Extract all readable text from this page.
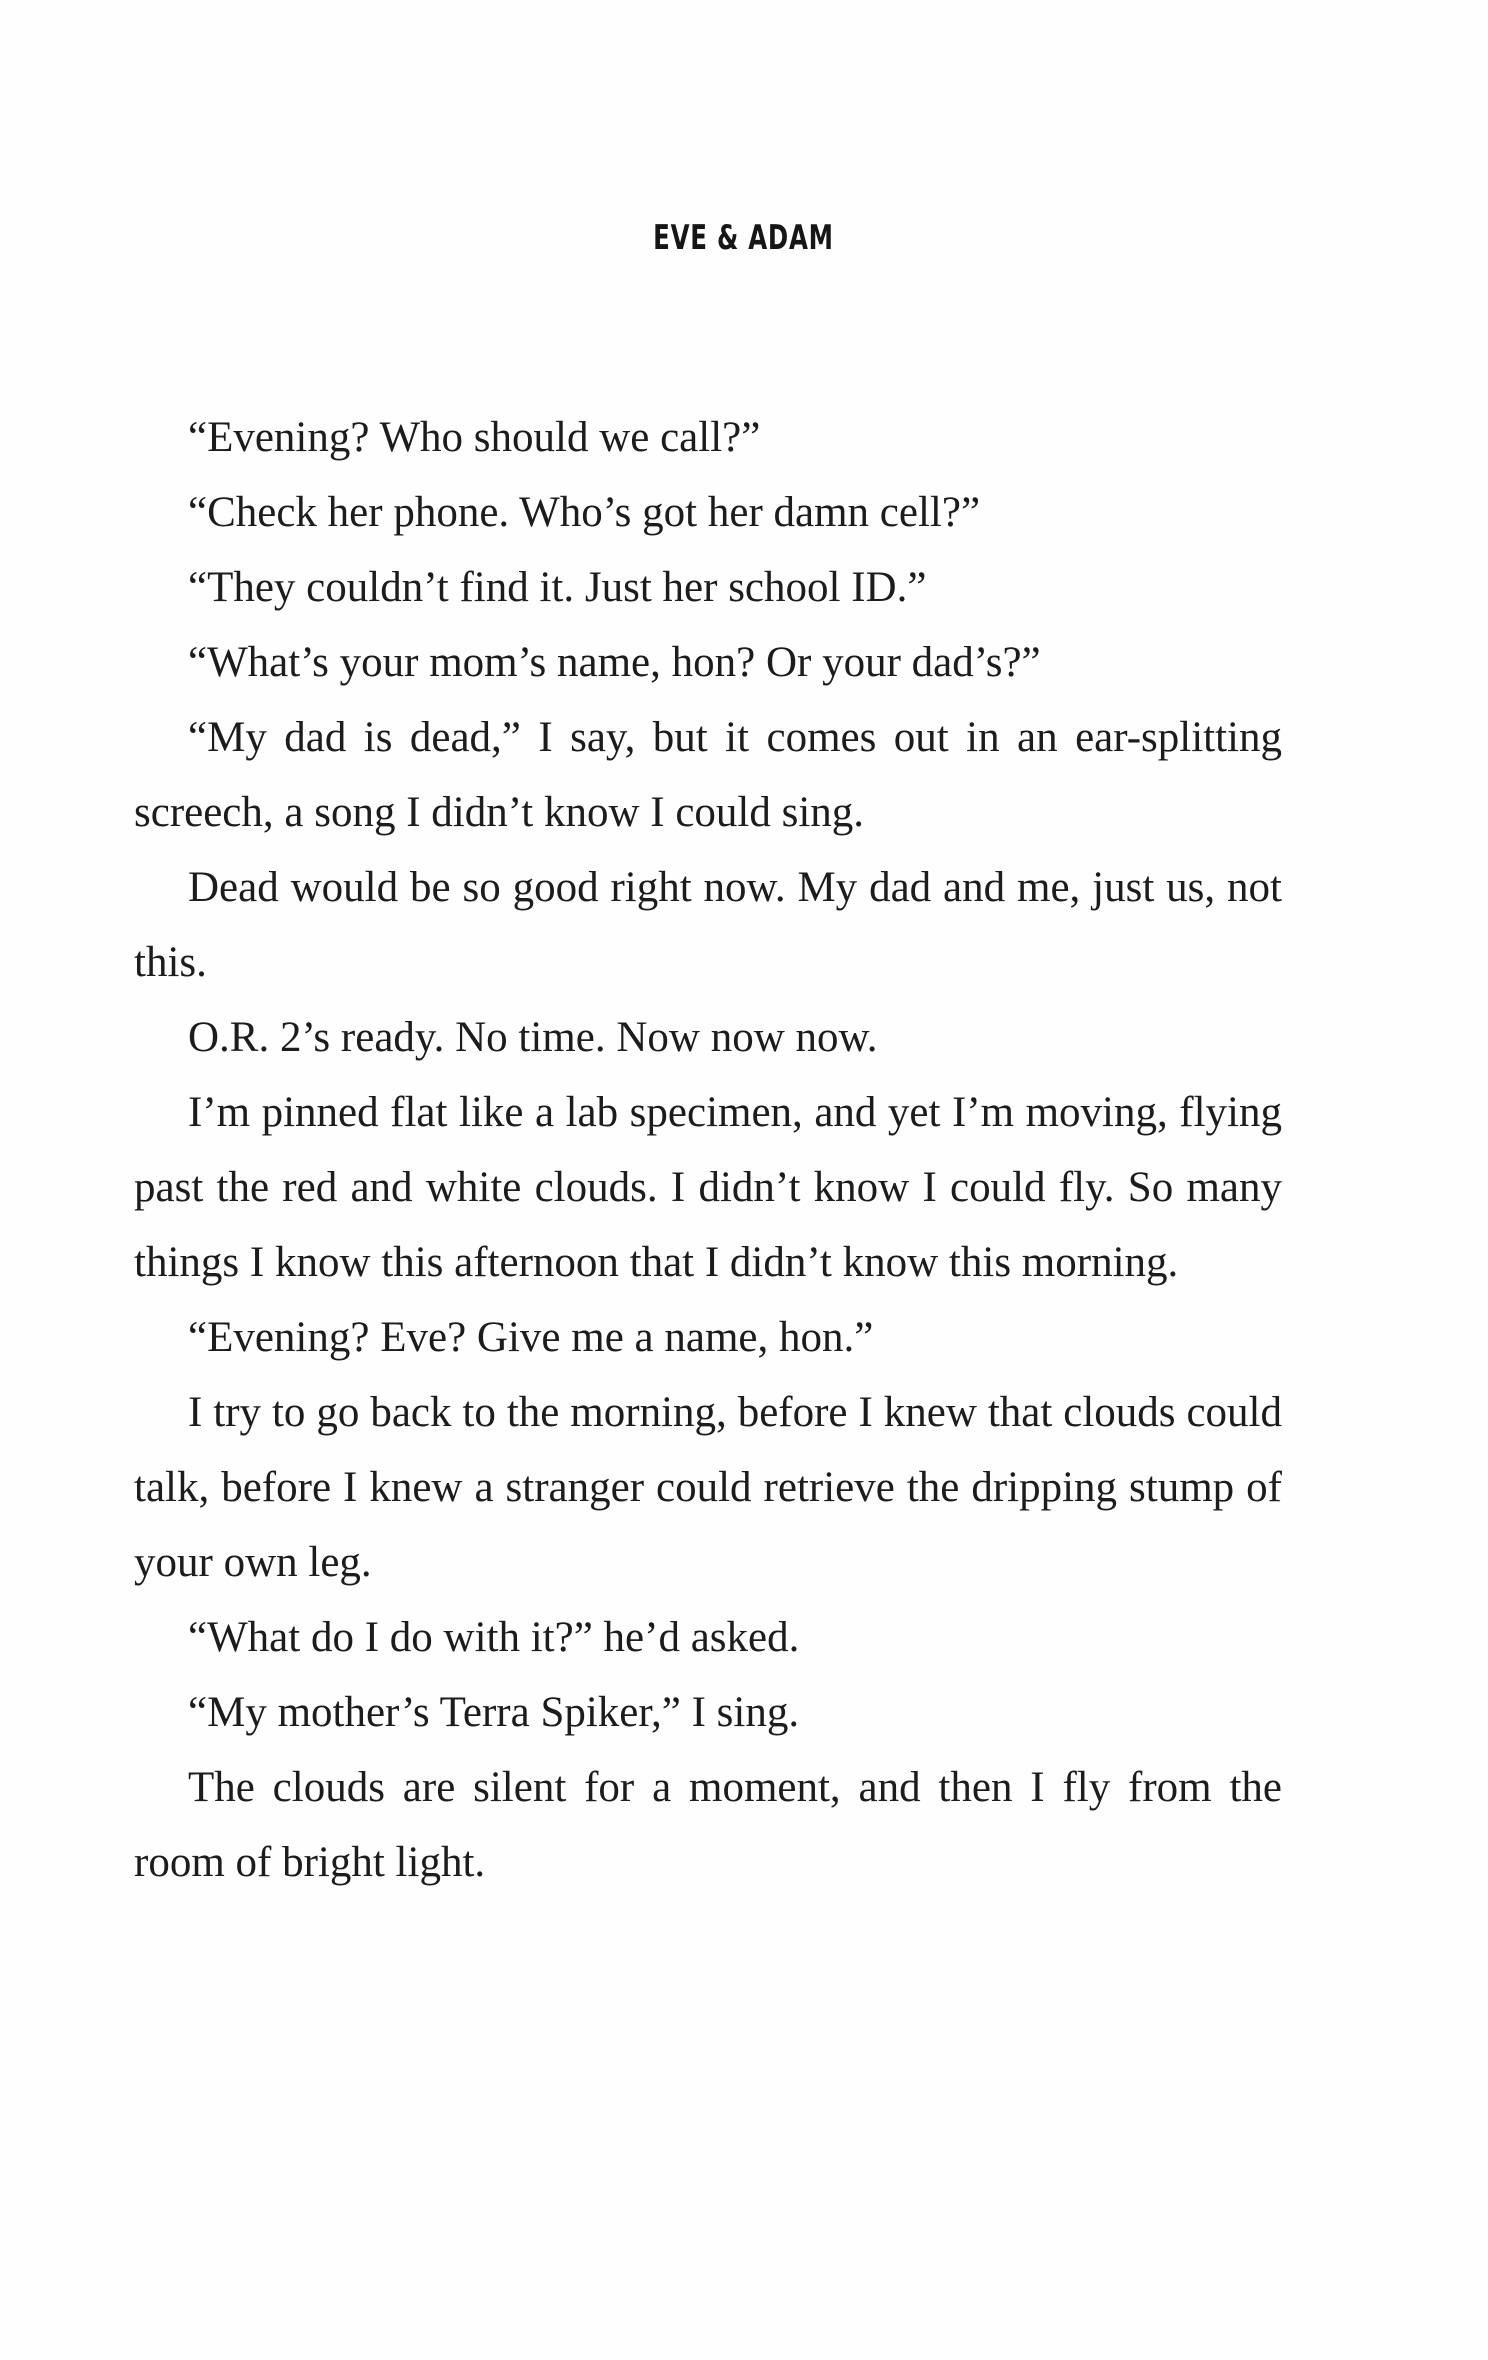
EVE & ADAM

“Evening? Who should we call?”

“Check her phone. Who’s got her damn cell?”

“They couldn’t find it. Just her school ID.”

“What’s your mom’s name, hon? Or your dad’s?”

“My dad is dead,” I say, but it comes out in an ear-splitting screech, a song I didn’t know I could sing.

Dead would be so good right now. My dad and me, just us, not this.

O.R. 2’s ready. No time. Now now now.

I’m pinned flat like a lab specimen, and yet I’m moving, flying past the red and white clouds. I didn’t know I could fly. So many things I know this afternoon that I didn’t know this morning.

“Evening? Eve? Give me a name, hon.”

I try to go back to the morning, before I knew that clouds could talk, before I knew a stranger could retrieve the dripping stump of your own leg.

“What do I do with it?” he’d asked.

“My mother’s Terra Spiker,” I sing.

The clouds are silent for a moment, and then I fly from the room of bright light.
